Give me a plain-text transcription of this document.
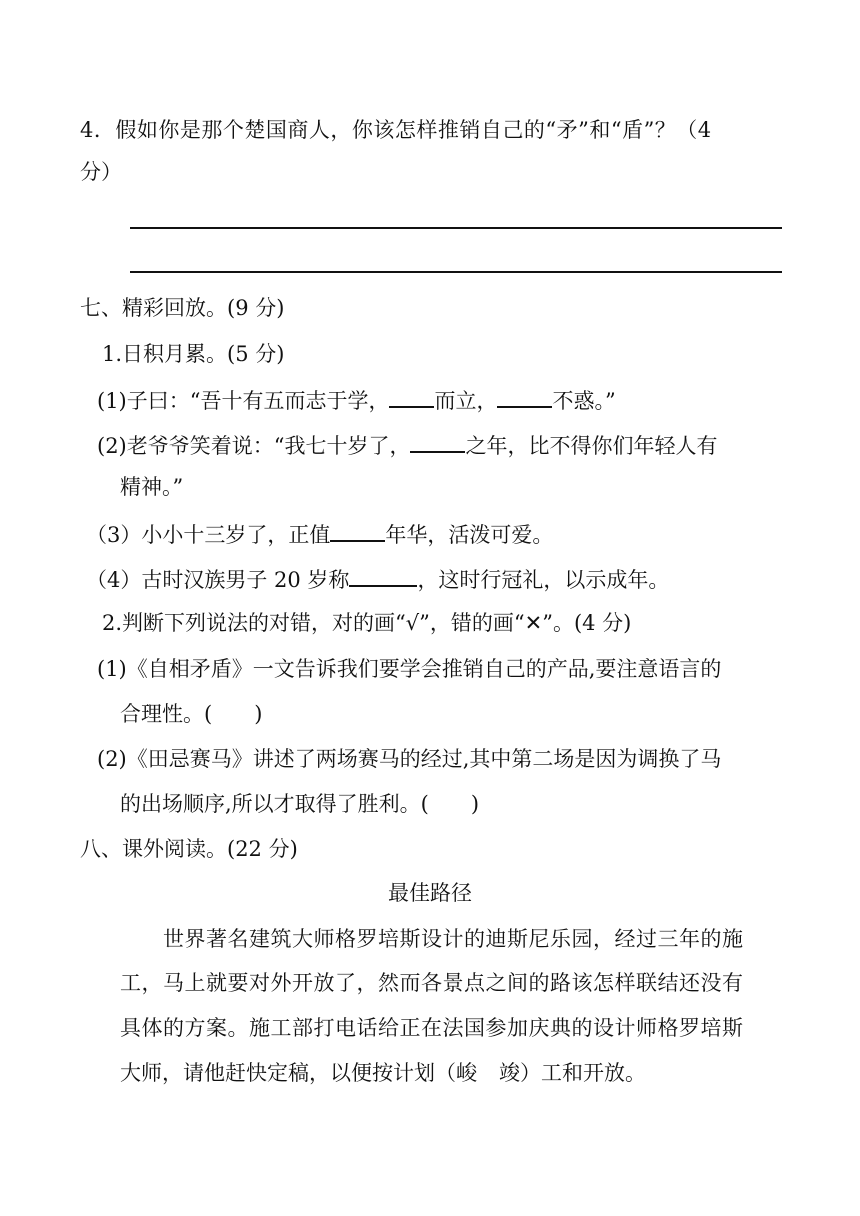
4．假如你是那个楚国商人，你该怎样推销自己的“矛”和“盾”？（4
分）
七、精彩回放。(9 分)
1.日积月累。(5 分)
(1)子曰：“吾十有五而志于学， 而立，	不惑。”
(2)老爷爷笑着说：“我七十岁了，	之年，比不得你们年轻人有
精神。”
（3）小小十三岁了，正值	年华，活泼可爱。
（4）古时汉族男子 20 岁称	，这时行冠礼，以示成年。
2.判断下列说法的对错，对的画“√”，错的画“✕”。(4 分)
(1)《自相矛盾》一文告诉我们要学会推销自己的产品,要注意语言的
合理性。(　　)
(2)《田忌赛马》讲述了两场赛马的经过,其中第二场是因为调换了马
的出场顺序,所以才取得了胜利。(　　)
八、课外阅读。(22 分)
最佳路径
世界著名建筑大师格罗培斯设计的迪斯尼乐园，经过三年的施
工，马上就要对外开放了，然而各景点之间的路该怎样联结还没有
具体的方案。施工部打电话给正在法国参加庆典的设计师格罗培斯
大师，请他赶快定稿，以便按计划（峻 竣）工和开放。
